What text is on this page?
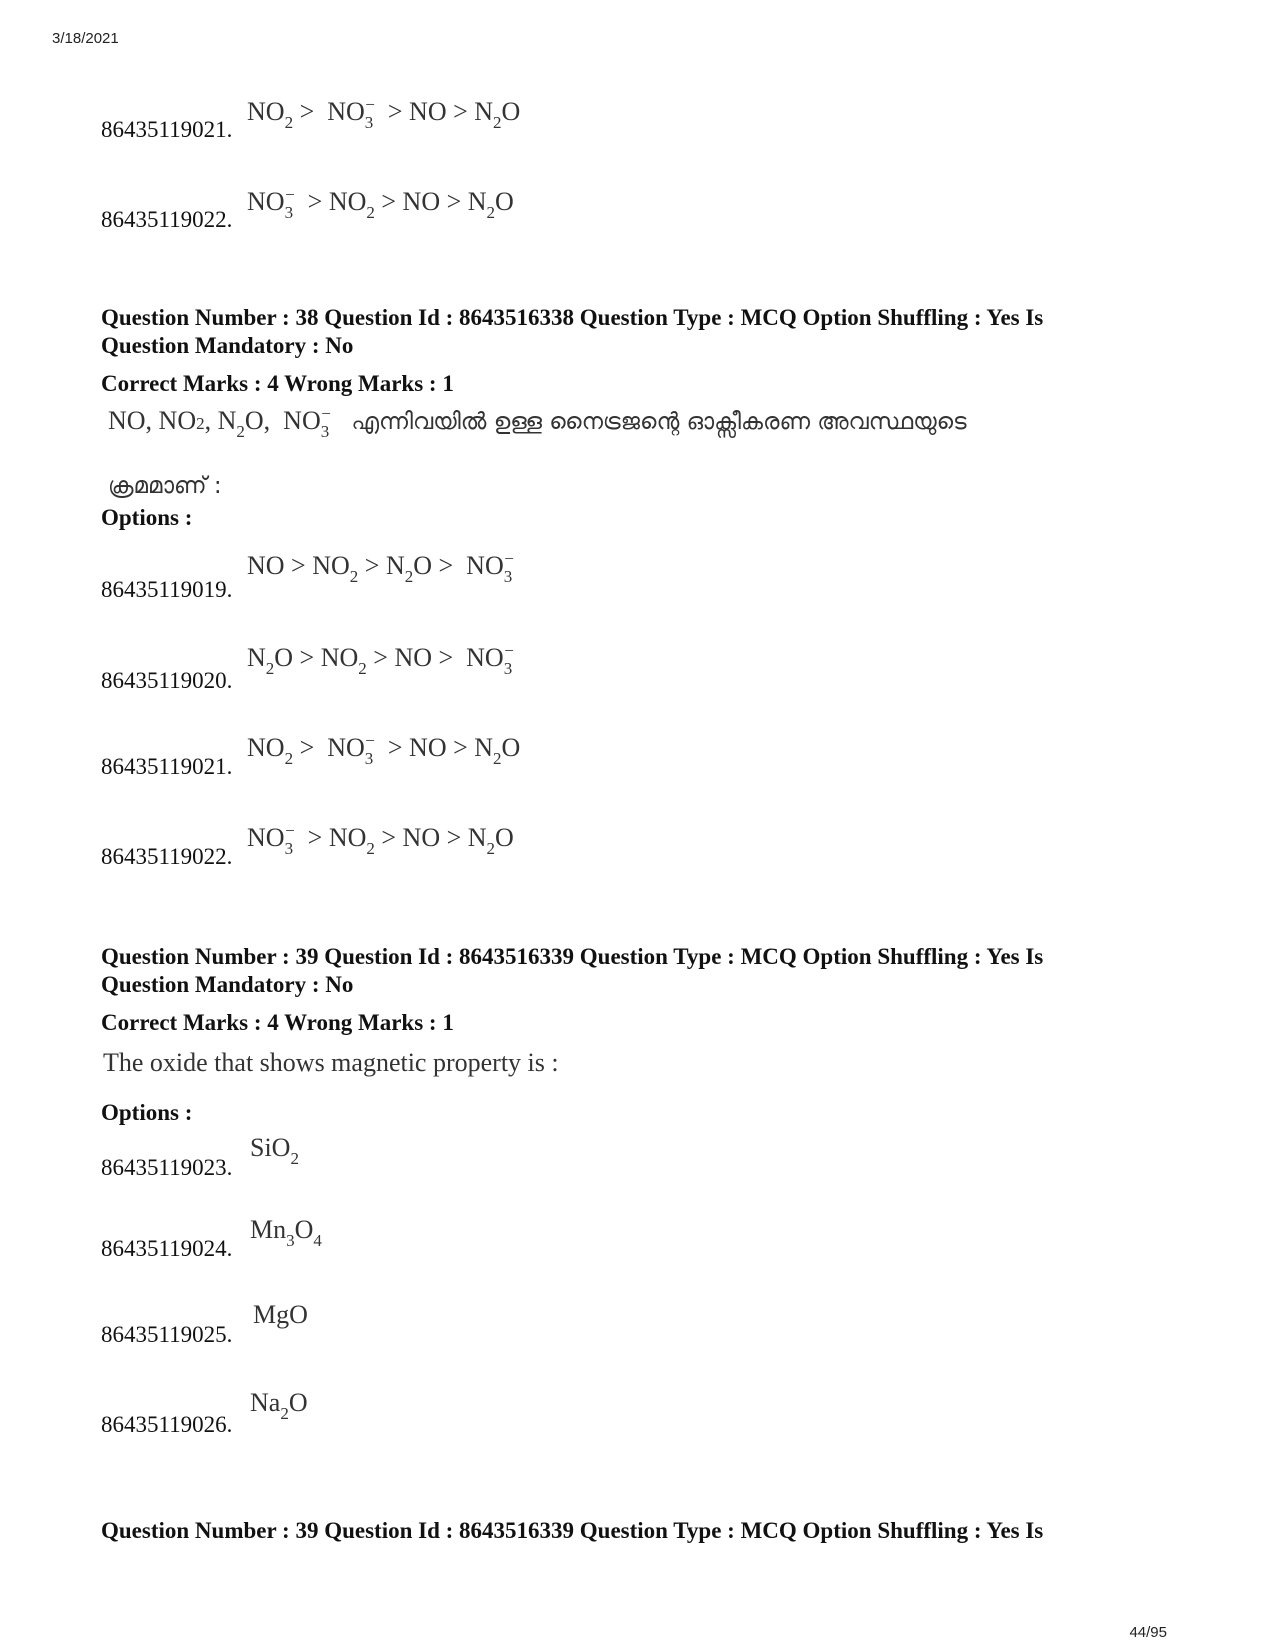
3/18/2021
86435119021.
$NO_2 > NO_3^-$  > NO > $N_2O$
86435119022.
$NO_3^- > NO_2$ > NO > $N_2O$
Question Number : 38 Question Id : 8643516338 Question Type : MCQ Option Shuffling : Yes Is
Question Mandatory : No
Correct Marks : 4 Wrong Marks : 1
NO, NO2, $N_2O$,  $NO_3^-$ എന്നിവയിൽ ഉള്ള നൈട്രജന്റെ ഓക്സീകരണ അവസ്ഥയുടെ
ക്രമമാണ് :
Options :
86435119019.
NO > $NO_2 > N_2O > NO_3^-$
86435119020.
$N_2O > NO_2$ > NO >  $NO_3^-$
86435119021.
$NO_2 > NO_3^-$  > NO > $N_2O$
86435119022.
$NO_3^- > NO_2$ > NO > $N_2O$
Question Number : 39 Question Id : 8643516339 Question Type : MCQ Option Shuffling : Yes Is
Question Mandatory : No
Correct Marks : 4 Wrong Marks : 1
The oxide that shows magnetic property is :
Options :
86435119023.
SiO$_2$
86435119024.
$Mn_3O_4$
86435119025.
MgO
86435119026.
$Na_2O$
Question Number : 39 Question Id : 8643516339 Question Type : MCQ Option Shuffling : Yes Is
44/95
